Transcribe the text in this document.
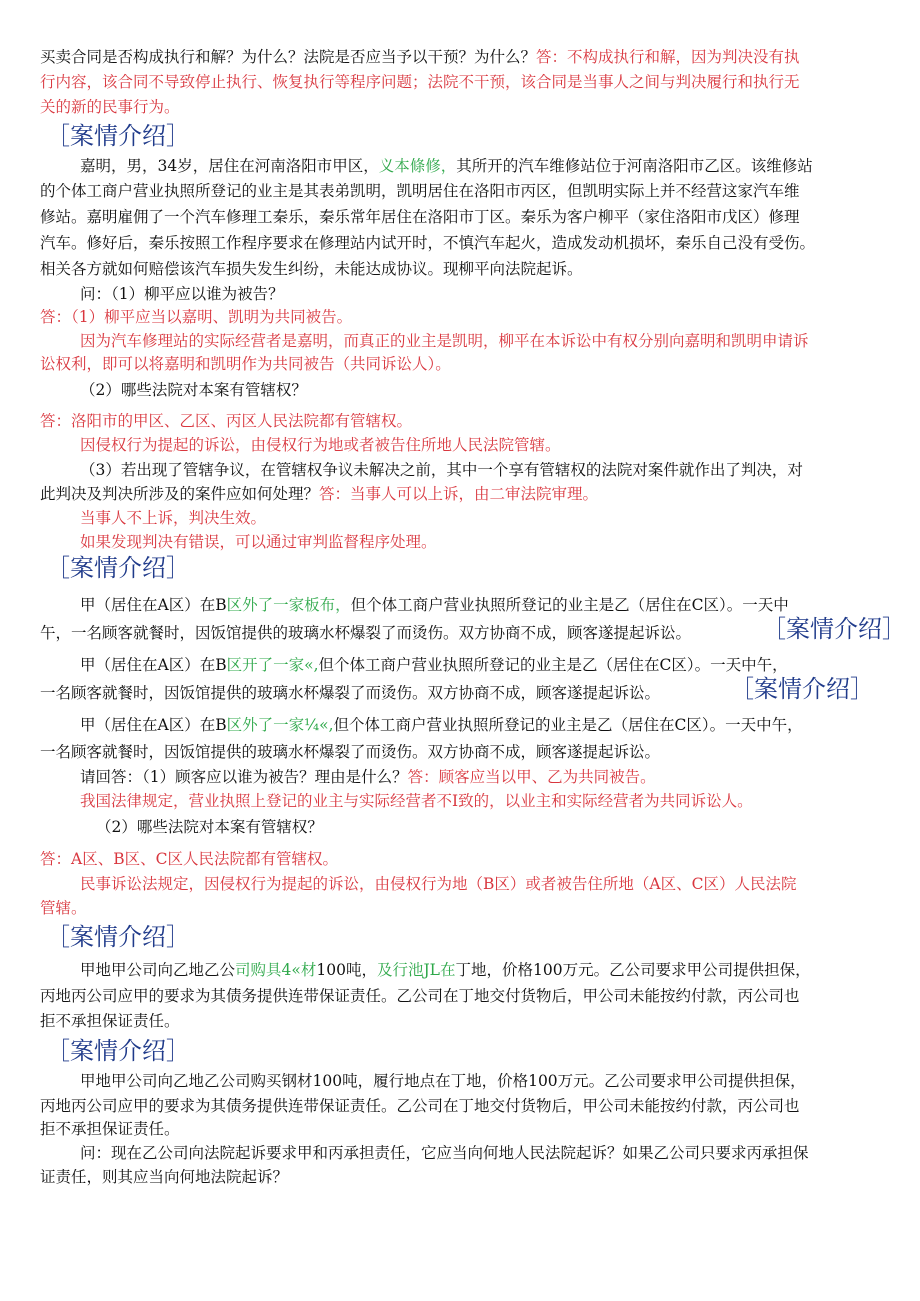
买卖合同是否构成执行和解？为什么？法院是否应当予以干预？为什么？答：不构成执行和解，因为判决没有执
行内容，该合同不导致停止执行、恢复执行等程序问题；法院不干预，该合同是当事人之间与判决履行和执行无
关的新的民事行为。
［案情介绍］
嘉明，男，34岁，居住在河南洛阳市甲区，义本條修，其所开的汽车维修站位于河南洛阳市乙区。该维修站
的个体工商户营业执照所登记的业主是其表弟凯明，凯明居住在洛阳市丙区，但凯明实际上并不经营这家汽车维
修站。嘉明雇佣了一个汽车修理工秦乐，秦乐常年居住在洛阳市丁区。秦乐为客户柳平（家住洛阳市戊区）修理
汽车。修好后，秦乐按照工作程序要求在修理站内试开时，不慎汽车起火，造成发动机损坏，秦乐自己没有受伤。
相关各方就如何赔偿该汽车损失发生纠纷，未能达成协议。现柳平向法院起诉。
问：（1）柳平应以谁为被告？
答：（1）柳平应当以嘉明、凯明为共同被告。
因为汽车修理站的实际经营者是嘉明，而真正的业主是凯明，柳平在本诉讼中有权分别向嘉明和凯明申请诉
讼权利，即可以将嘉明和凯明作为共同被告（共同诉讼人）。
（2）哪些法院对本案有管辖权？
答：洛阳市的甲区、乙区、丙区人民法院都有管辖权。
因侵权行为提起的诉讼，由侵权行为地或者被告住所地人民法院管辖。
（3）若出现了管辖争议，在管辖权争议未解决之前，其中一个享有管辖权的法院对案件就作出了判决，对
此判决及判决所涉及的案件应如何处理？答：当事人可以上诉，由二审法院审理。
当事人不上诉，判决生效。
如果发现判决有错误，可以通过审判监督程序处理。
［案情介绍］
甲（居住在A区）在B区外了一家板布，但个体工商户营业执照所登记的业主是乙（居住在C区）。一天中
午，一名顾客就餐时，因饭馆提供的玻璃水杯爆裂了而烫伤。双方协商不成，顾客遂提起诉讼。	［案情介绍］
甲（居住在A区）在B区开了一家«,但个体工商户营业执照所登记的业主是乙（居住在C区）。一天中午，
一名顾客就餐时，因饭馆提供的玻璃水杯爆裂了而烫伤。双方协商不成，顾客遂提起诉讼。	［案情介绍］
甲（居住在A区）在B区外了一家¼«,但个体工商户营业执照所登记的业主是乙（居住在C区）。一天中午，
一名顾客就餐时，因饭馆提供的玻璃水杯爆裂了而烫伤。双方协商不成，顾客遂提起诉讼。
请回答：（1）顾客应以谁为被告？理由是什么？答：顾客应当以甲、乙为共同被告。
我国法律规定，营业执照上登记的业主与实际经营者不I致的，以业主和实际经营者为共同诉讼人。
（2）哪些法院对本案有管辖权？
答：A区、B区、C区人民法院都有管辖权。
民事诉讼法规定，因侵权行为提起的诉讼，由侵权行为地（B区）或者被告住所地（A区、C区）人民法院
管辖。
［案情介绍］
甲地甲公司向乙地乙公司购具4«材100吨，及行池JL在丁地，价格100万元。乙公司要求甲公司提供担保，
丙地丙公司应甲的要求为其债务提供连带保证责任。乙公司在丁地交付货物后，甲公司未能按约付款，丙公司也
拒不承担保证责任。
［案情介绍］
甲地甲公司向乙地乙公司购买钢材100吨，履行地点在丁地，价格100万元。乙公司要求甲公司提供担保，
丙地丙公司应甲的要求为其债务提供连带保证责任。乙公司在丁地交付货物后，甲公司未能按约付款，丙公司也
拒不承担保证责任。
问：现在乙公司向法院起诉要求甲和丙承担责任，它应当向何地人民法院起诉？如果乙公司只要求丙承担保
证责任，则其应当向何地法院起诉？
